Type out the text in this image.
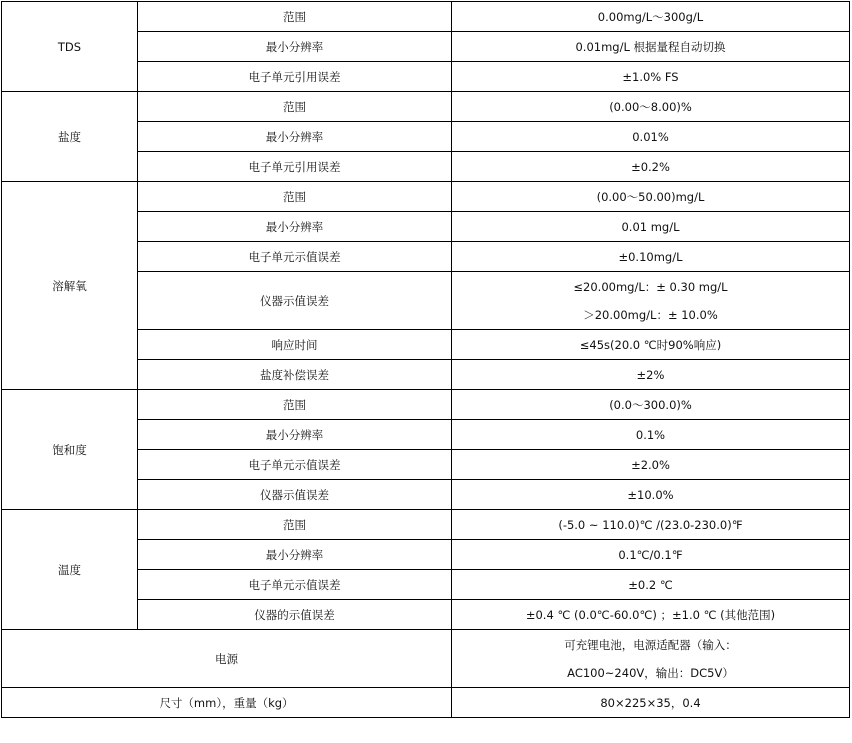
TDS	范围	0.00mg/L～300g/L
	最小分辨率	0.01mg/L 根据量程自动切换
	电子单元引用误差	±1.0% FS
盐度	范围	(0.00～8.00)%
	最小分辨率	0.01%
	电子单元引用误差	±0.2%
溶解氧	范围	(0.00～50.00)mg/L
	最小分辨率	0.01 mg/L
	电子单元示值误差	±0.10mg/L
	仪器示值误差	≤20.00mg/L：± 0.30 mg/L
＞20.00mg/L：± 10.0%

	响应时间	≤45s(20.0 ℃时90%响应)
	盐度补偿误差	±2%
饱和度	范围	(0.0～300.0)%
	最小分辨率	0.1%
	电子单元示值误差	±2.0%
	仪器示值误差	±10.0%
温度	范围	(-5.0 ~ 110.0)℃ /(23.0-230.0)℉
	最小分辨率	0.1℃/0.1℉
	电子单元示值误差	±0.2 ℃
	仪器的示值误差	±0.4 ℃ (0.0℃-60.0℃) ；±1.0 ℃ (其他范围)
电源		可充锂电池，电源适配器（输入：
AC100~240V，输出：DC5V）

尺寸（mm），重量（kg）		80×225×35，0.4
